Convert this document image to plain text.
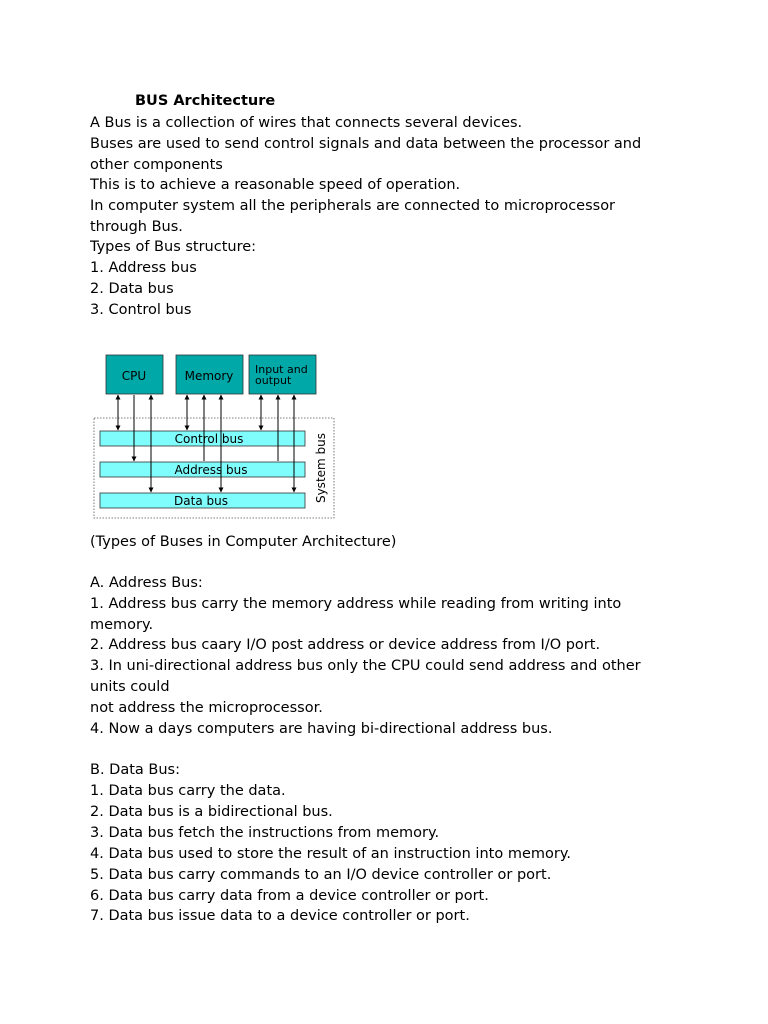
BUS Architecture
A Bus is a collection of wires that connects several devices.
Buses are used to send control signals and data between the processor and
other components
This is to achieve a reasonable speed of operation.
In computer system all the peripherals are connected to microprocessor
through Bus.
Types of Bus structure:
1. Address bus
2. Data bus
3. Control bus
CPU	Memory Input and
output
Control bus
Address bus
Data bus	System bus
(Types of Buses in Computer Architecture)
A. Address Bus:
1. Address bus carry the memory address while reading from writing into
memory.
2. Address bus caary I/O post address or device address from I/O port.
3. In uni-directional address bus only the CPU could send address and other
units could
not address the microprocessor.
4. Now a days computers are having bi-directional address bus.
B. Data Bus:
1. Data bus carry the data.
2. Data bus is a bidirectional bus.
3. Data bus fetch the instructions from memory.
4. Data bus used to store the result of an instruction into memory.
5. Data bus carry commands to an I/O device controller or port.
6. Data bus carry data from a device controller or port.
7. Data bus issue data to a device controller or port.
